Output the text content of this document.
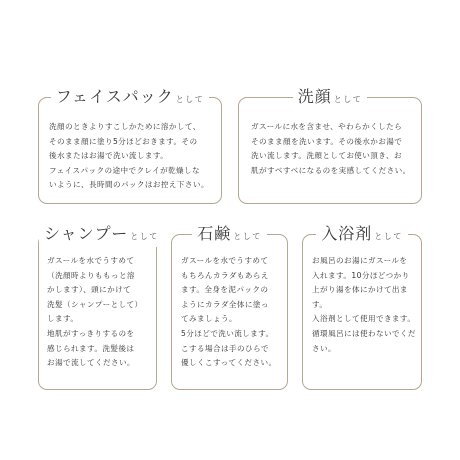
フェイスパック として
洗顔のときよりすこしかために溶かして、
そのまま顔に塗り5分ほどおきます。その
後水またはお湯で洗い流します。
フェイスパックの途中でクレイが乾燥しな
いように、長時間のパックはお控え下さい。
洗顔 として
ガスールに水を含ませ、やわらかくしたら
そのまま顔を洗います。その後水かお湯で
洗い流します。洗顔としてお使い頂き、お
肌がすべすべになるのを実感してください。
シャンプー として
ガスールを水でうすめて
（洗顔時よりももっと溶
かします）、頭にかけて
洗髪（シャンプーとして）
します。
地肌がすっきりするのを
感じられます。洗髪後は
お湯で流してください。
石鹸 として
ガスールを水でうすめて
もちろんカラダもあらえ
ます。全身を泥パックの
ようにカラダ全体に塗っ
てみましょう。
5分ほどで洗い流します。
こする場合は手のひらで
優しくこすってください。
入浴剤 として
お風呂のお湯にガスールを
入れます。10分ほどつかり
上がり湯を体にかけて出ま
す。
入浴剤として使用できます。
循環風呂には使わないでくだ
さい。
